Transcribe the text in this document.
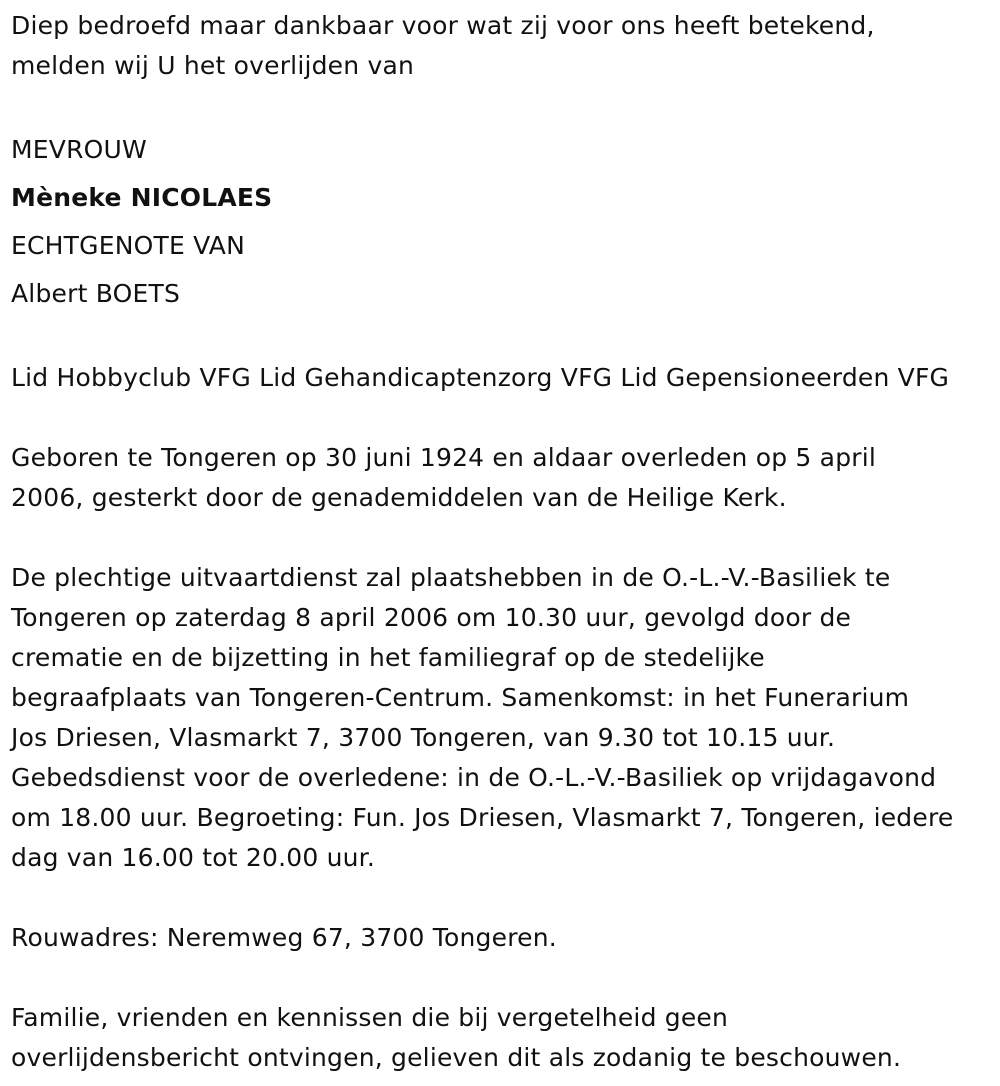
Diep bedroefd maar dankbaar voor wat zij voor ons heeft betekend,

melden wij U het overlijden van

MEVROUW

Mèneke NICOLAES

ECHTGENOTE VAN

Albert BOETS

Lid Hobbyclub VFG Lid Gehandicaptenzorg VFG Lid Gepensioneerden VFG

Geboren te Tongeren op 30 juni 1924 en aldaar overleden op 5 april

2006, gesterkt door de genademiddelen van de Heilige Kerk.

De plechtige uitvaartdienst zal plaatshebben in de O.-L.-V.-Basiliek te

Tongeren op zaterdag 8 april 2006 om 10.30 uur, gevolgd door de

crematie en de bijzetting in het familiegraf op de stedelijke

begraafplaats van Tongeren-Centrum. Samenkomst: in het Funerarium

Jos Driesen, Vlasmarkt 7, 3700 Tongeren, van 9.30 tot 10.15 uur.

Gebedsdienst voor de overledene: in de O.-L.-V.-Basiliek op vrijdagavond

om 18.00 uur. Begroeting: Fun. Jos Driesen, Vlasmarkt 7, Tongeren, iedere

dag van 16.00 tot 20.00 uur.

Rouwadres: Neremweg 67, 3700 Tongeren.

Familie, vrienden en kennissen die bij vergetelheid geen

overlijdensbericht ontvingen, gelieven dit als zodanig te beschouwen.
